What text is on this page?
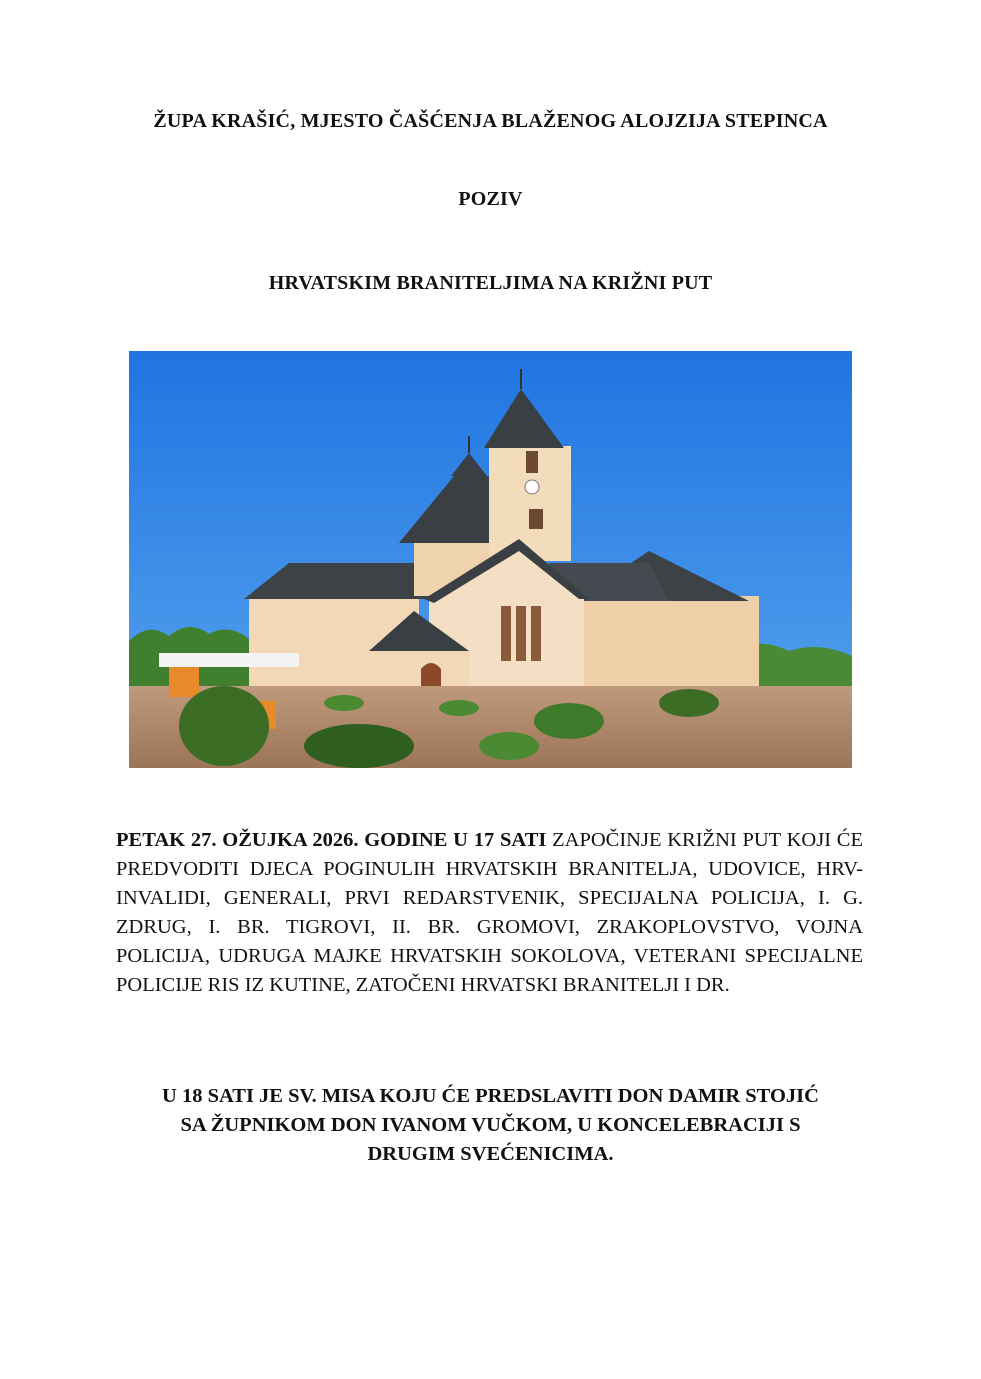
ŽUPA KRAŠIĆ, MJESTO ČAŠĆENJA BLAŽENOG ALOJZIJA STEPINCA
POZIV
HRVATSKIM BRANITELJIMA NA KRIŽNI PUT
PETAK 27. OŽUJKA 2026. GODINE U 17 SATI ZAPOČINJE KRIŽNI PUT KOJI ĆE PREDVODITI DJECA POGINULIH HRVATSKIH BRANITELJA, UDOVICE, HRV-INVALIDI, GENERALI, PRVI REDARSTVENIK, SPECIJALNA POLICIJA, I. G. ZDRUG, I. BR. TIGROVI, II. BR. GROMOVI, ZRAKOPLOVSTVO, VOJNA POLICIJA, UDRUGA MAJKE HRVATSKIH SOKOLOVA, VETERANI SPECIJALNE POLICIJE RIS IZ KUTINE, ZATOČENI HRVATSKI BRANITELJI I DR.
U 18 SATI JE SV. MISA KOJU ĆE PREDSLAVITI DON DAMIR STOJIĆ
SA ŽUPNIKOM DON IVANOM VUČKOM, U KONCELEBRACIJI S
DRUGIM SVEĆENICIMA.
